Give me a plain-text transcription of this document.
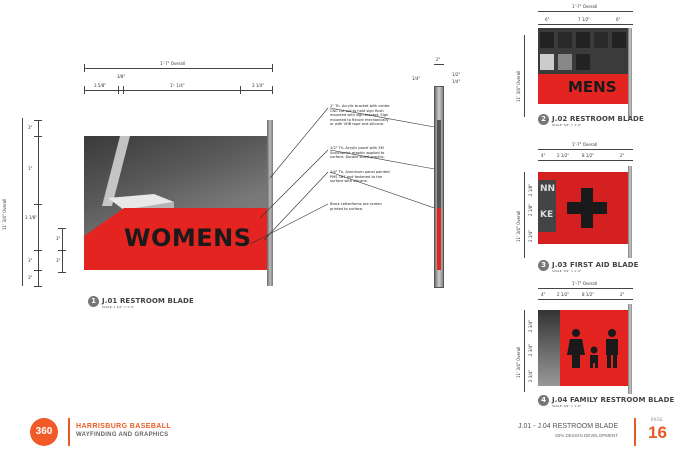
1'-7" Overall
3 5/8"
3/8"
1'- 1/4"	3 1/4"
11' 3/4" Overall
3"
1"
3 1/8"
3"
3"
3"
3"
WOMENS
1 J.01 RESTROOM BLADE
SCALE: 1 1/2" = 1'-0"
1" Th. Acrylic bracket with center CNC cut out to hold sign flush mounted with sign bracket. Sign mounted to fixture mechanically or with VHB tape and silicone.
1/2" Th. Acrylic panel with 3M Scotchprint graphic applied to surface. Double sided graphic.
1/4" Th. Aluminum panel painted PMS 187 and fastened to the surface with silicone.
Black Letterforms are screen printed to surface.
2"
1/4"
1/2"
1/4"
1'-7" Overall
6"	7 1/2"	6"
11' 3/4" Overall	MENS
2 J.02 RESTROOM BLADE
SCALE: 3/4" = 1'-0"
1'-7" Overall
4"	2 1/2"	8 1/2"	2"
11' 3/4" Overall
2 1/8"
2 1/8"
2 1/4"
NN
KE
3 J.03 FIRST AID BLADE
SCALE: 3/4" = 1'-0"
1'-7" Overall
4"	2 1/2"	8 1/2"	2"
11' 3/4" Overall
2 3/4"
2 3/4"
2 3/4"
4 J.04 FAMILY RESTROOM BLADE
SCALE: 3/4" = 1'-0"
360	HARRISBURG BASEBALL
WAYFINDING AND GRAPHICS
J.01 - J.04 RESTROOM BLADE
50% DESIGN DEVELOPMENT
PAGE
16
